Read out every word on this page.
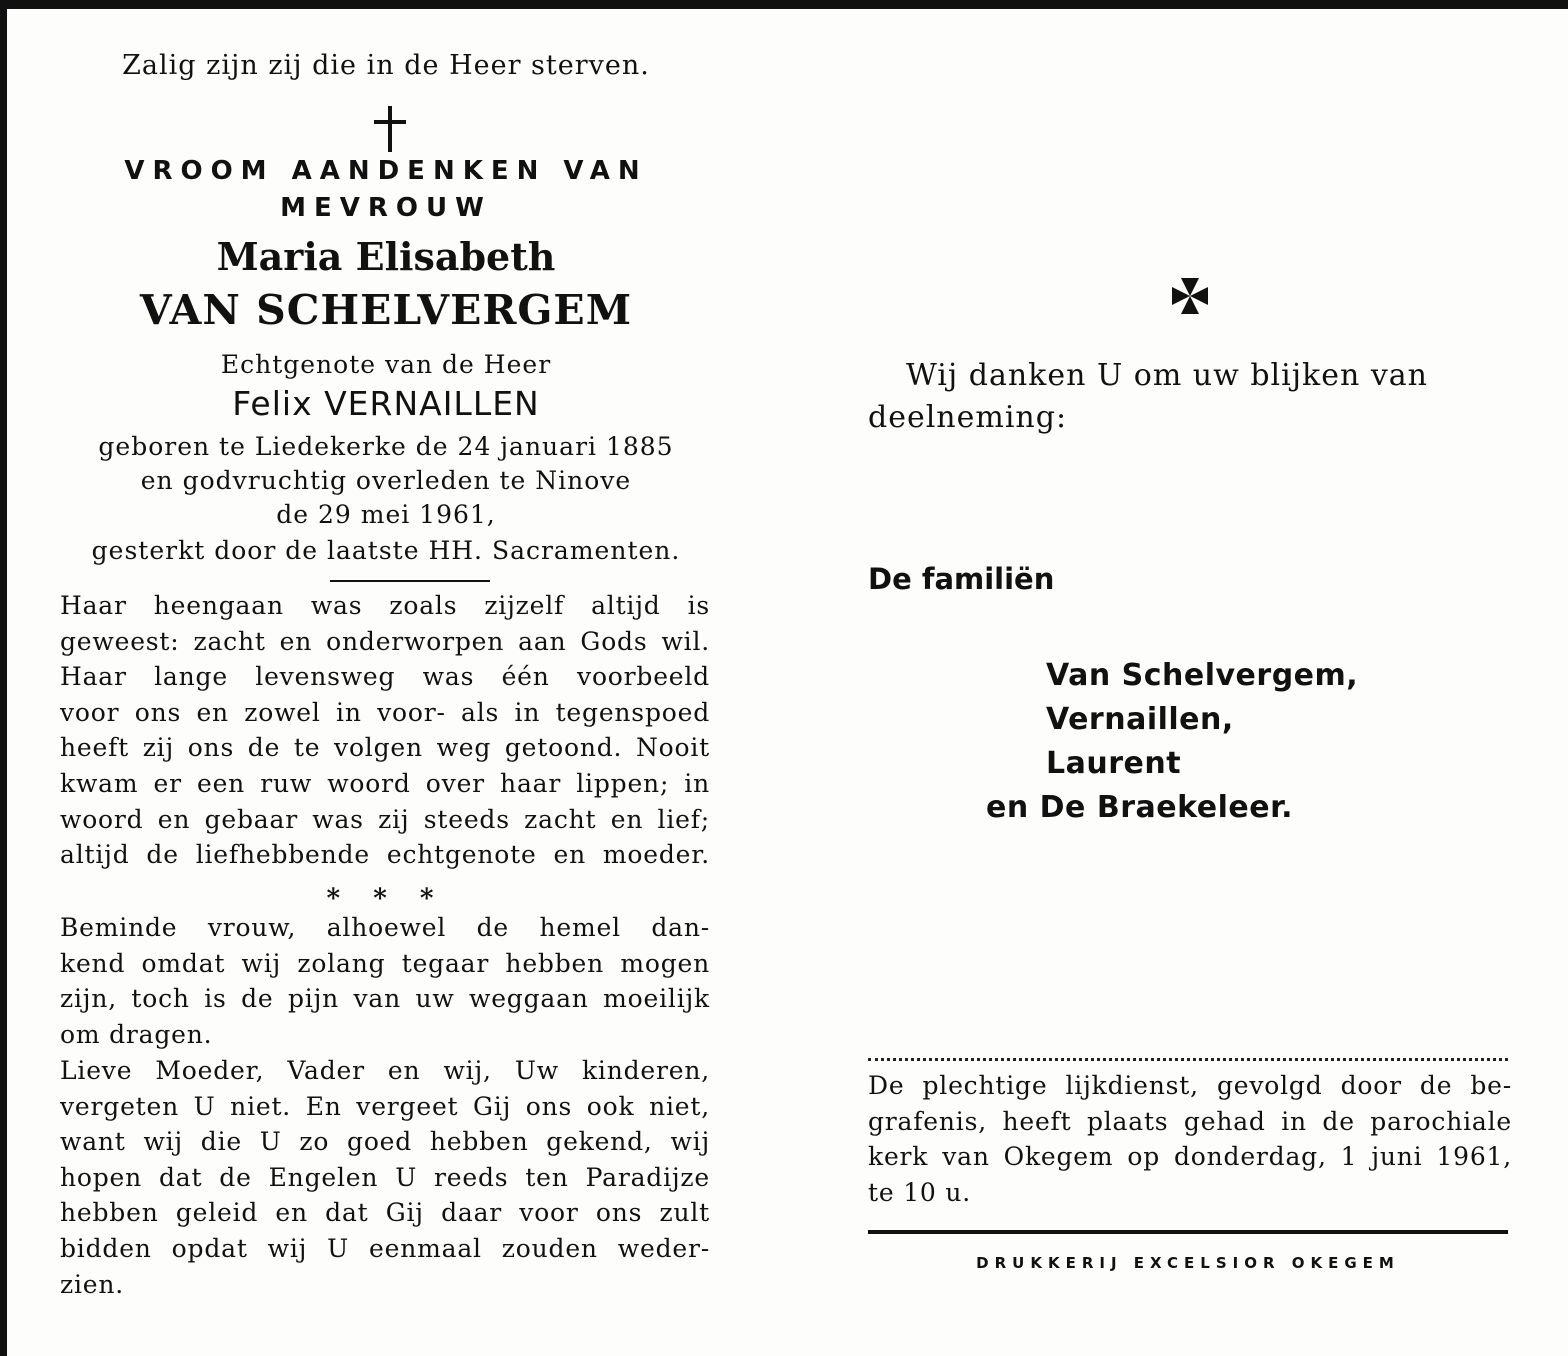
Zalig zijn zij die in de Heer sterven.
VROOM AANDENKEN VAN
MEVROUW
Maria Elisabeth
VAN SCHELVERGEM
Echtgenote van de Heer
Felix VERNAILLEN
geboren te Liedekerke de 24 januari 1885
en godvruchtig overleden te Ninove
de 29 mei 1961,
gesterkt door de laatste HH. Sacramenten.

Haar heengaan was zoals zijzelf altijd is

geweest: zacht en onderworpen aan Gods wil.

Haar lange levensweg was één voorbeeld

voor ons en zowel in voor- als in tegenspoed

heeft zij ons de te volgen weg getoond. Nooit

kwam er een ruw woord over haar lippen; in

woord en gebaar was zij steeds zacht en lief;

altijd de liefhebbende echtgenote en moeder.

* * *

Beminde vrouw, alhoewel de hemel dan-

kend omdat wij zolang tegaar hebben mogen

zijn, toch is de pijn van uw weggaan moeilijk

om dragen.

Lieve Moeder, Vader en wij, Uw kinderen,

vergeten U niet. En vergeet Gij ons ook niet,

want wij die U zo goed hebben gekend, wij

hopen dat de Engelen U reeds ten Paradijze

hebben geleid en dat Gij daar voor ons zult

bidden opdat wij U eenmaal zouden weder-

zien.

Wij danken U om uw blijken van
deelneming:
De familiën
Van Schelvergem,
Vernaillen,
Laurent
en De Braekeleer.

De plechtige lijkdienst, gevolgd door de be-

grafenis, heeft plaats gehad in de parochiale

kerk van Okegem op donderdag, 1 juni 1961,

te 10 u.

DRUKKERIJ EXCELSIOR OKEGEM
